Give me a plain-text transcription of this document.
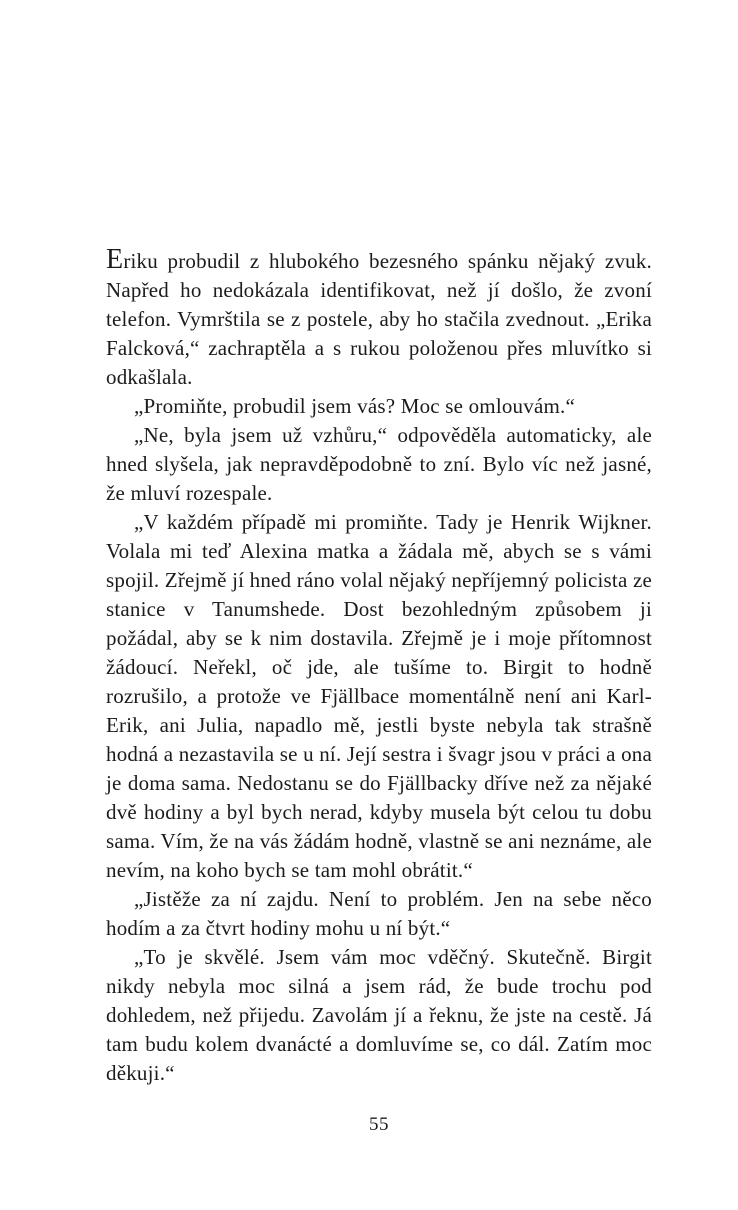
Eriku probudil z hlubokého bezesného spánku nějaký zvuk. Napřed ho nedokázala identifikovat, než jí došlo, že zvoní telefon. Vymrštila se z postele, aby ho stačila zvednout. „Erika Falcková,“ zachraptěla a s rukou položenou přes mluvítko si odkašlala.

„Promiňte, probudil jsem vás? Moc se omlouvám.“

„Ne, byla jsem už vzhůru,“ odpověděla automaticky, ale hned slyšela, jak nepravděpodobně to zní. Bylo víc než jasné, že mluví rozespale.

„V každém případě mi promiňte. Tady je Henrik Wijkner. Volala mi teď Alexina matka a žádala mě, abych se s vámi spojil. Zřejmě jí hned ráno volal nějaký nepříjemný policista ze stanice v Tanumshede. Dost bezohledným způsobem ji požádal, aby se k nim dostavila. Zřejmě je i moje přítomnost žádoucí. Neřekl, oč jde, ale tušíme to. Birgit to hodně rozrušilo, a protože ve Fjällbace momentálně není ani Karl-Erik, ani Julia, napadlo mě, jestli byste nebyla tak strašně hodná a nezastavila se u ní. Její sestra i švagr jsou v práci a ona je doma sama. Nedostanu se do Fjällbacky dříve než za nějaké dvě hodiny a byl bych nerad, kdyby musela být celou tu dobu sama. Vím, že na vás žádám hodně, vlastně se ani neznáme, ale nevím, na koho bych se tam mohl obrátit.“

„Jistěže za ní zajdu. Není to problém. Jen na sebe něco hodím a za čtvrt hodiny mohu u ní být.“

„To je skvělé. Jsem vám moc vděčný. Skutečně. Birgit nikdy nebyla moc silná a jsem rád, že bude trochu pod dohledem, než přijedu. Zavolám jí a řeknu, že jste na cestě. Já tam budu kolem dvanácté a domluvíme se, co dál. Zatím moc děkuji.“

55
